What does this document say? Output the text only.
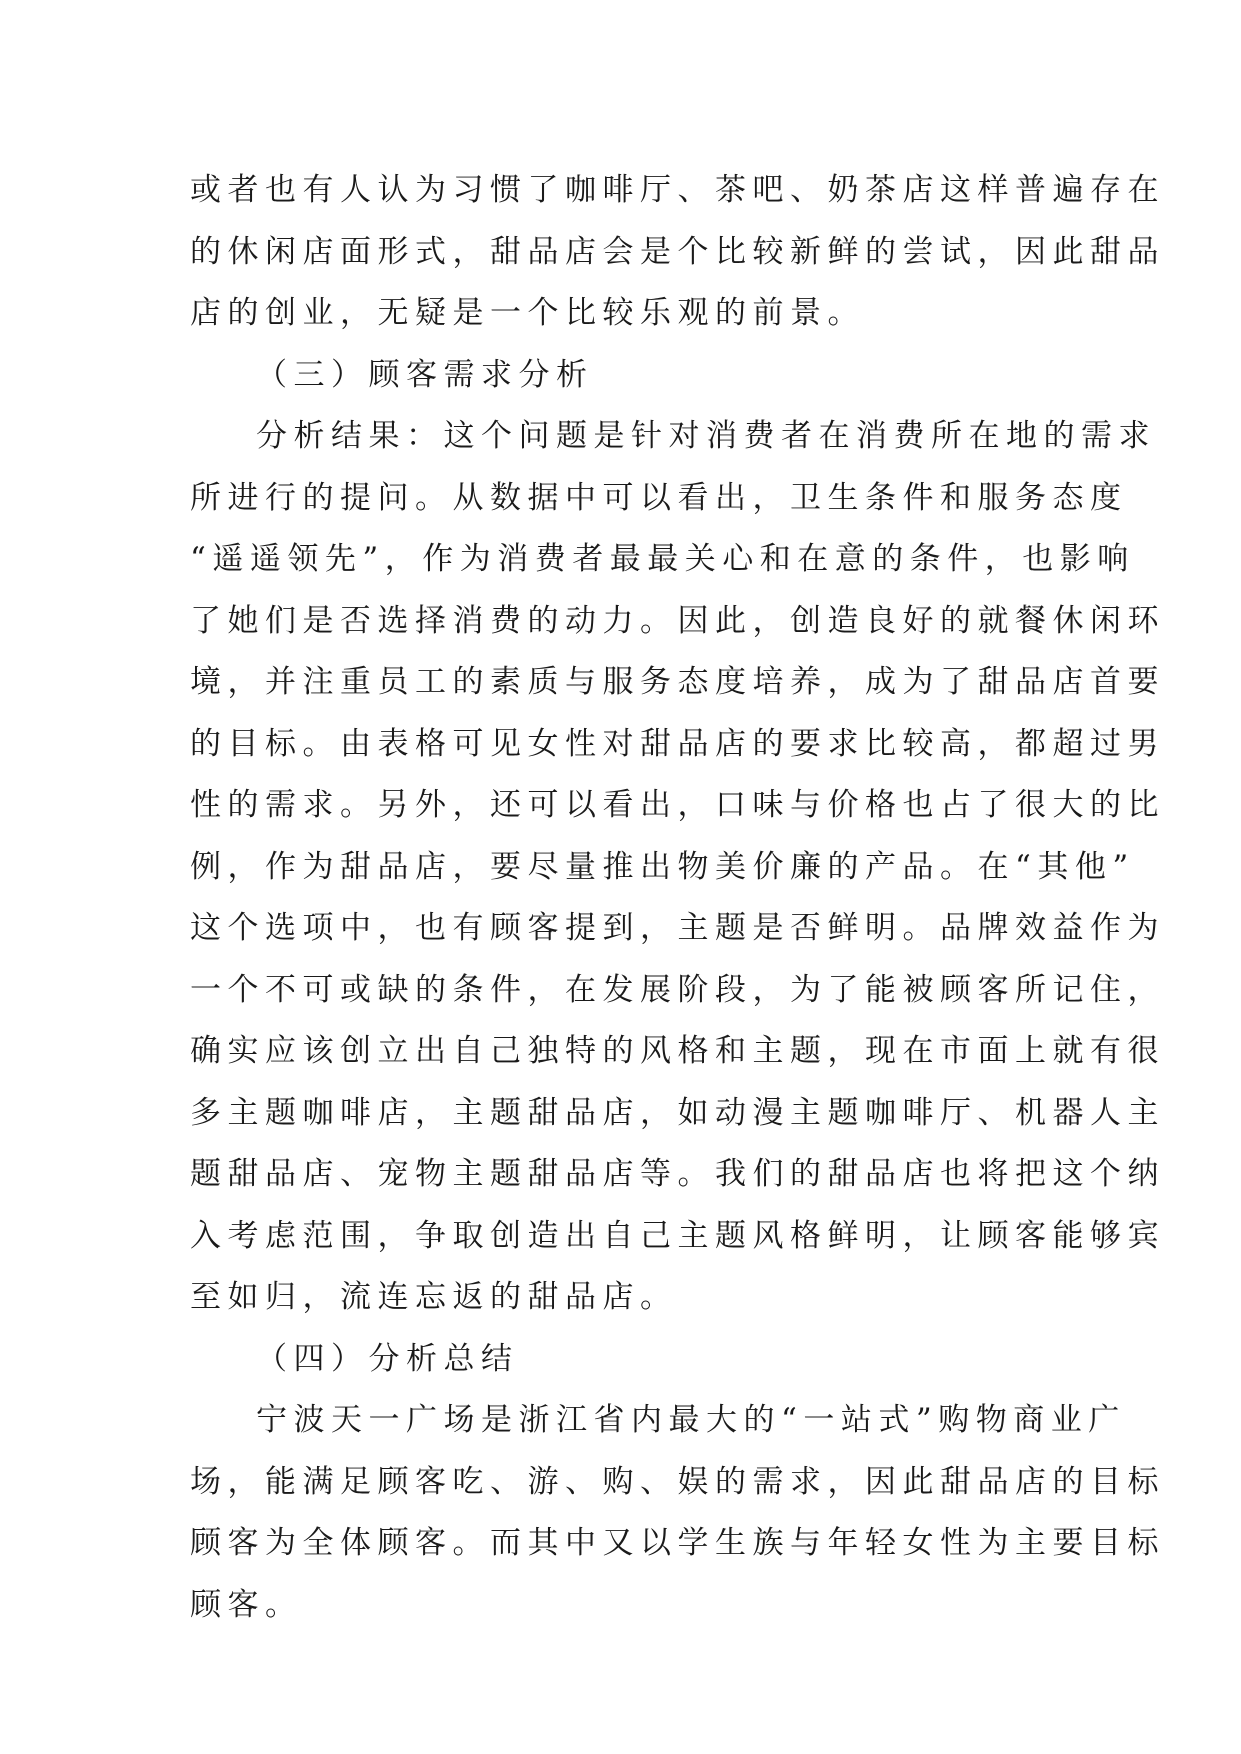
或者也有人认为习惯了咖啡厅、茶吧、奶茶店这样普遍存在
的休闲店面形式，甜品店会是个比较新鲜的尝试，因此甜品
店的创业，无疑是一个比较乐观的前景。
（三）顾客需求分析
分析结果：这个问题是针对消费者在消费所在地的需求
所进行的提问。从数据中可以看出，卫生条件和服务态度
“遥遥领先”，作为消费者最最关心和在意的条件，也影响
了她们是否选择消费的动力。因此，创造良好的就餐休闲环
境，并注重员工的素质与服务态度培养，成为了甜品店首要
的目标。由表格可见女性对甜品店的要求比较高，都超过男
性的需求。另外，还可以看出，口味与价格也占了很大的比
例，作为甜品店，要尽量推出物美价廉的产品。在“其他”
这个选项中，也有顾客提到，主题是否鲜明。品牌效益作为
一个不可或缺的条件，在发展阶段，为了能被顾客所记住，
确实应该创立出自己独特的风格和主题，现在市面上就有很
多主题咖啡店，主题甜品店，如动漫主题咖啡厅、机器人主
题甜品店、宠物主题甜品店等。我们的甜品店也将把这个纳
入考虑范围，争取创造出自己主题风格鲜明，让顾客能够宾
至如归，流连忘返的甜品店。
（四）分析总结
宁波天一广场是浙江省内最大的“一站式”购物商业广
场，能满足顾客吃、游、购、娱的需求，因此甜品店的目标
顾客为全体顾客。而其中又以学生族与年轻女性为主要目标
顾客。
